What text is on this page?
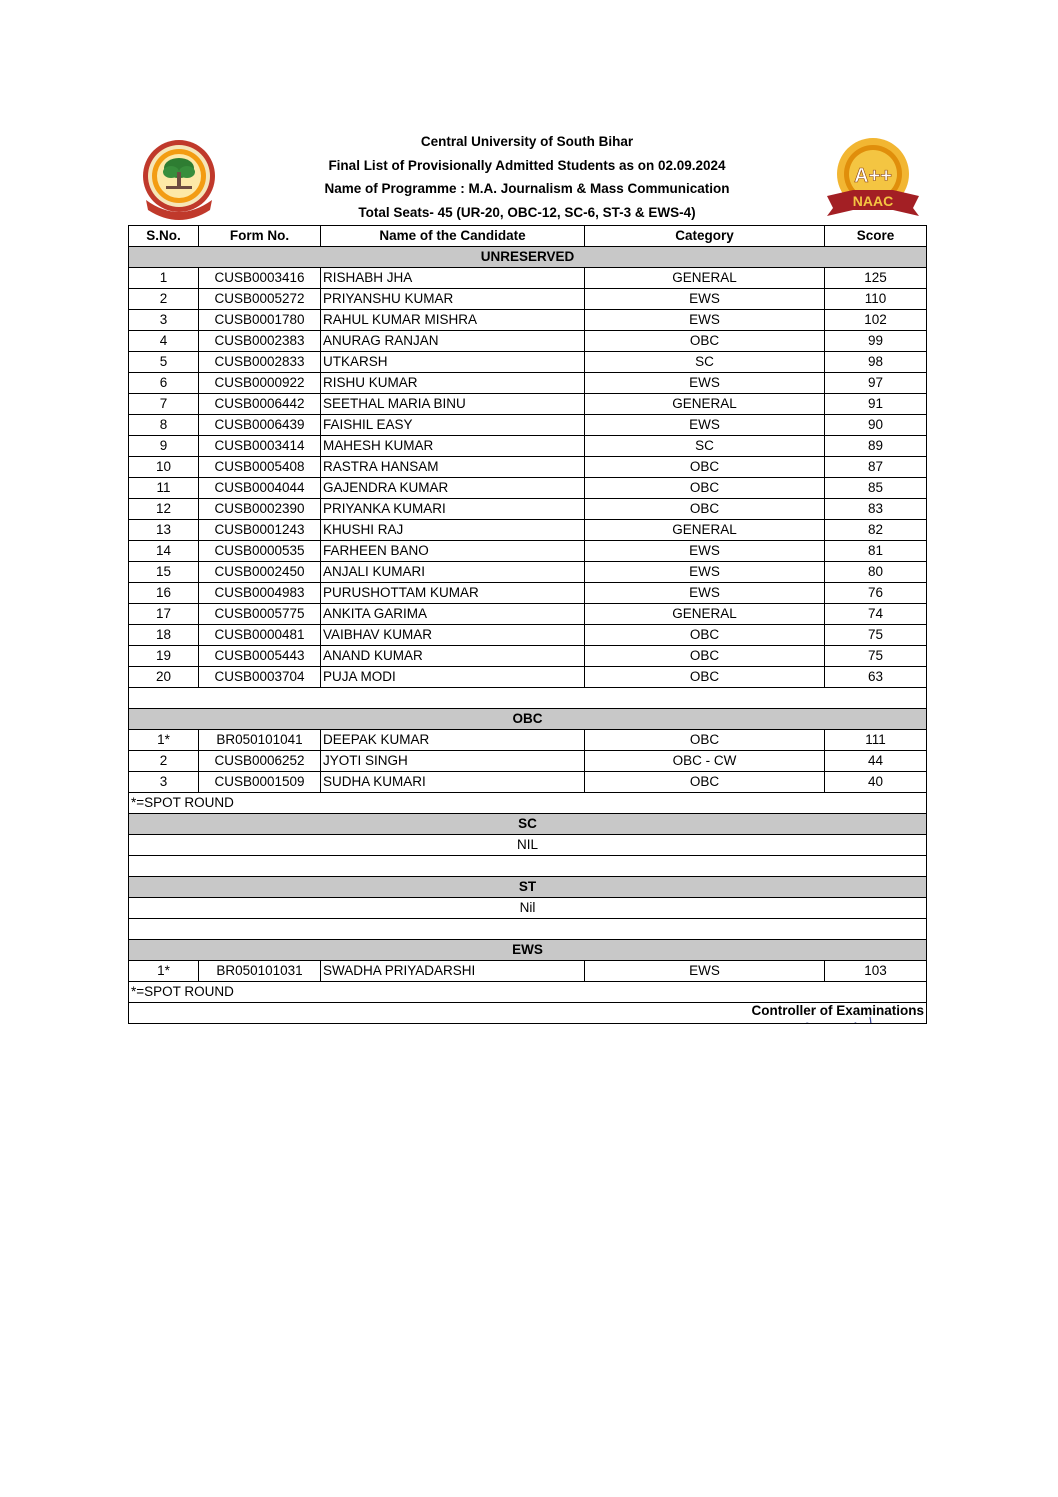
Central University of South Bihar
Final List of Provisionally Admitted Students as on 02.09.2024
Name of Programme : M.A. Journalism & Mass Communication
Total Seats- 45 (UR-20, OBC-12, SC-6, ST-3 & EWS-4)
A++
NAAC
S.No.	Form No.	Name of the Candidate	Category	Score
UNRESERVED				
1	CUSB0003416	RISHABH JHA	GENERAL	125
2	CUSB0005272	PRIYANSHU KUMAR	EWS	110
3	CUSB0001780	RAHUL KUMAR MISHRA	EWS	102
4	CUSB0002383	ANURAG RANJAN	OBC	99
5	CUSB0002833	UTKARSH	SC	98
6	CUSB0000922	RISHU KUMAR	EWS	97
7	CUSB0006442	SEETHAL MARIA BINU	GENERAL	91
8	CUSB0006439	FAISHIL EASY	EWS	90
9	CUSB0003414	MAHESH KUMAR	SC	89
10	CUSB0005408	RASTRA HANSAM	OBC	87
11	CUSB0004044	GAJENDRA KUMAR	OBC	85
12	CUSB0002390	PRIYANKA KUMARI	OBC	83
13	CUSB0001243	KHUSHI RAJ	GENERAL	82
14	CUSB0000535	FARHEEN BANO	EWS	81
15	CUSB0002450	ANJALI KUMARI	EWS	80
16	CUSB0004983	PURUSHOTTAM KUMAR	EWS	76
17	CUSB0005775	ANKITA GARIMA	GENERAL	74
18	CUSB0000481	VAIBHAV KUMAR	OBC	75
19	CUSB0005443	ANAND KUMAR	OBC	75
20	CUSB0003704	PUJA MODI	OBC	63

OBC				
1*	BR050101041	DEEPAK KUMAR	OBC	111
2	CUSB0006252	JYOTI SINGH	OBC - CW	44
3	CUSB0001509	SUDHA KUMARI	OBC	40
*=SPOT ROUND				
SC				
NIL				

ST				
Nil				

EWS				
1*	BR050101031	SWADHA PRIYADARSHI	EWS	103
*=SPOT ROUND				

Controller of Examinations				
